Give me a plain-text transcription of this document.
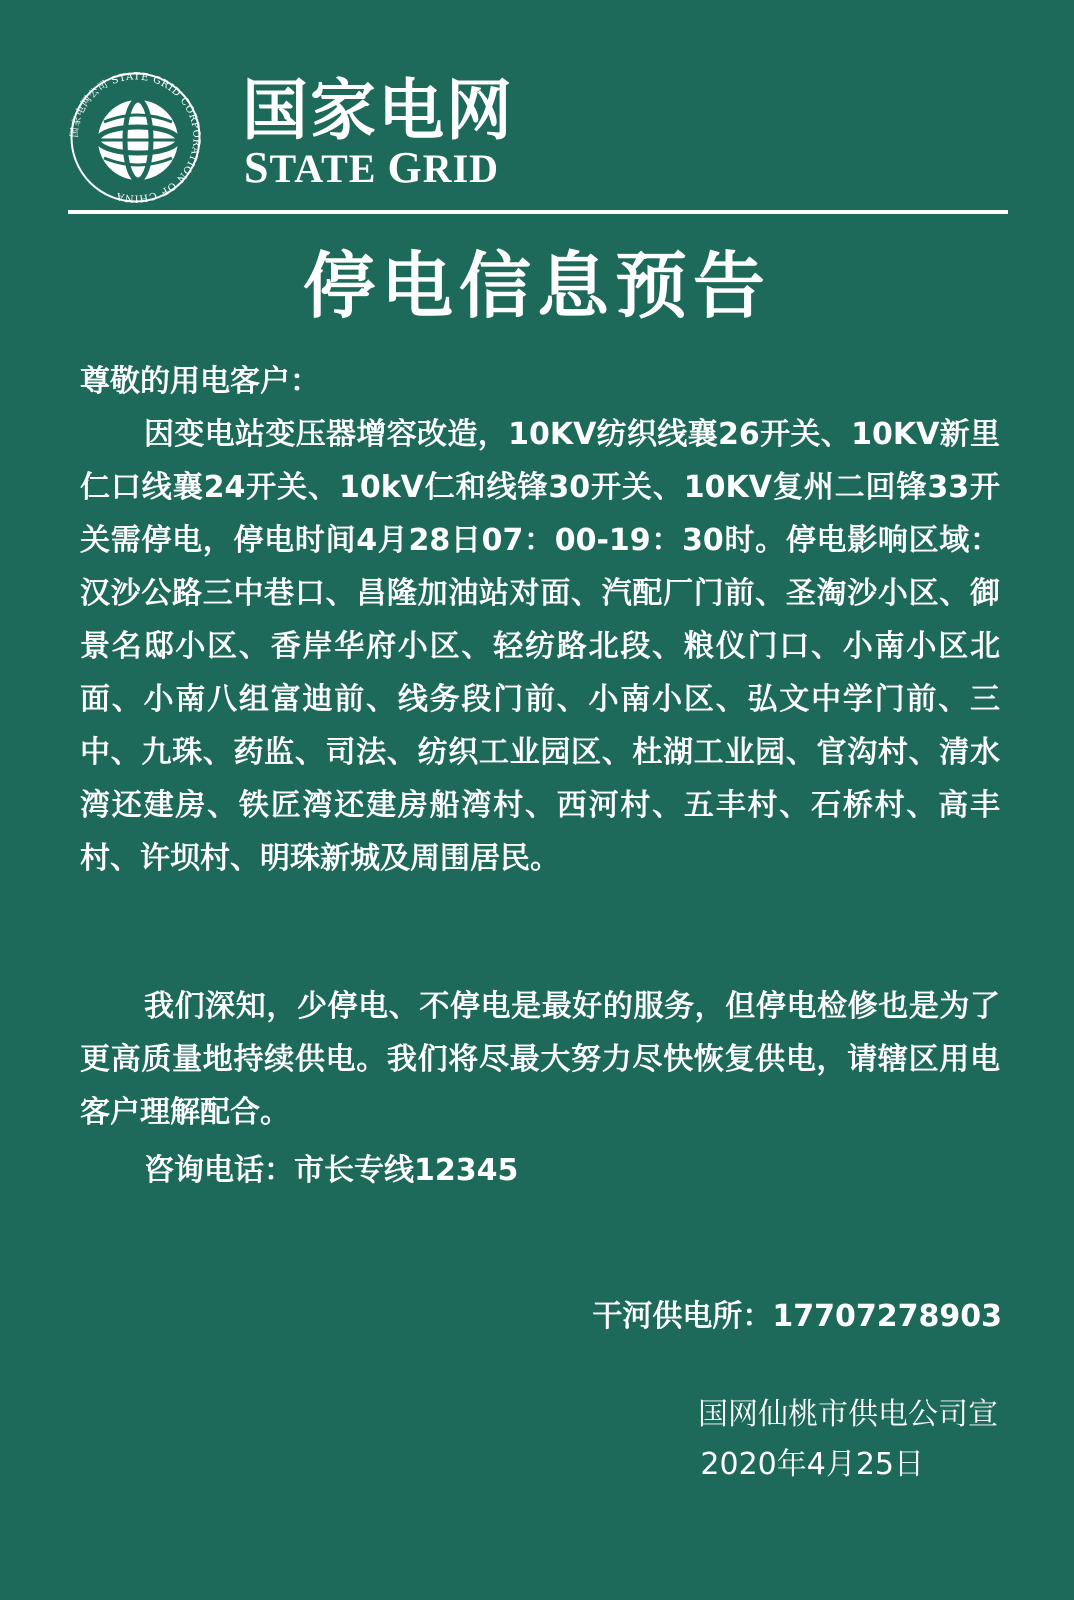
国家电网公司 STATE GRID CORPORATION OF CHINA
国家电网
STATE GRID
停电信息预告
尊敬的用电客户：
因变电站变压器增容改造，10KV纺织线襄26开关、10KV新里仁口线襄24开关、10kV仁和线锋30开关、10KV复州二回锋33开关需停电，停电时间4月28日07：00-19：30时。停电影响区域：汉沙公路三中巷口、昌隆加油站对面、汽配厂门前、圣淘沙小区、御景名邸小区、香岸华府小区、轻纺路北段、粮仪门口、小南小区北面、小南八组富迪前、线务段门前、小南小区、弘文中学门前、三中、九珠、药监、司法、纺织工业园区、杜湖工业园、官沟村、清水湾还建房、铁匠湾还建房船湾村、西河村、五丰村、石桥村、高丰村、许坝村、明珠新城及周围居民。
我们深知，少停电、不停电是最好的服务，但停电检修也是为了更高质量地持续供电。我们将尽最大努力尽快恢复供电，请辖区用电客户理解配合。
咨询电话：市长专线12345
干河供电所：17707278903
国网仙桃市供电公司宣
2020年4月25日
